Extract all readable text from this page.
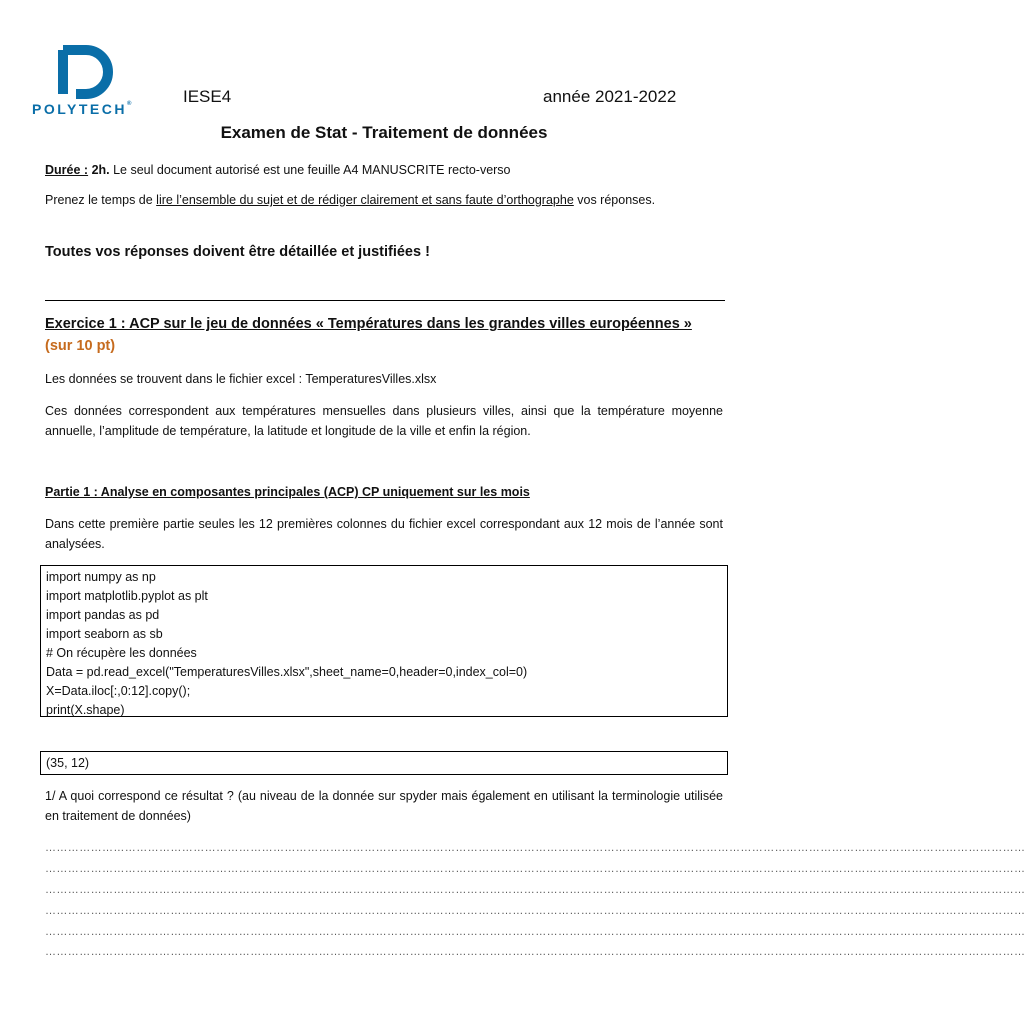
POLYTECH®	IESE4	année 2021-2022
Examen de Stat - Traitement de données
Durée : 2h. Le seul document autorisé est une feuille A4 MANUSCRITE recto-verso
Prenez le temps de lire l’ensemble du sujet et de rédiger clairement et sans faute d’orthographe vos réponses.
Toutes vos réponses doivent être détaillée et justifiées !
Exercice 1 : ACP sur le jeu de données « Températures dans les grandes villes européennes »
(sur 10 pt)
Les données se trouvent dans le fichier excel : TemperaturesVilles.xlsx
Ces données correspondent aux températures mensuelles dans plusieurs villes, ainsi que la température moyenne annuelle, l’amplitude de température, la latitude et longitude de la ville et enfin la région.
Partie 1 : Analyse en composantes principales (ACP) CP uniquement sur les mois
Dans cette première partie seules les 12 premières colonnes du fichier excel correspondant aux 12 mois de l’année sont analysées.
import numpy as np
import matplotlib.pyplot as plt
import pandas as pd
import seaborn as sb
# On récupère les données
Data = pd.read_excel("TemperaturesVilles.xlsx",sheet_name=0,header=0,index_col=0)
X=Data.iloc[:,0:12].copy();
print(X.shape)
(35, 12)
1/ A quoi correspond ce résultat ? (au niveau de la donnée sur spyder mais également en utilisant la terminologie utilisée en traitement de données)
……………………………………………………………………………………………………………………………………………………………………………………………………………………………………
……………………………………………………………………………………………………………………………………………………………………………………………………………………………………
……………………………………………………………………………………………………………………………………………………………………………………………………………………………………
……………………………………………………………………………………………………………………………………………………………………………………………………………………………………
……………………………………………………………………………………………………………………………………………………………………………………………………………………………………
……………………………………………………………………………………………………………………………………………………………………………………………………………………………………
